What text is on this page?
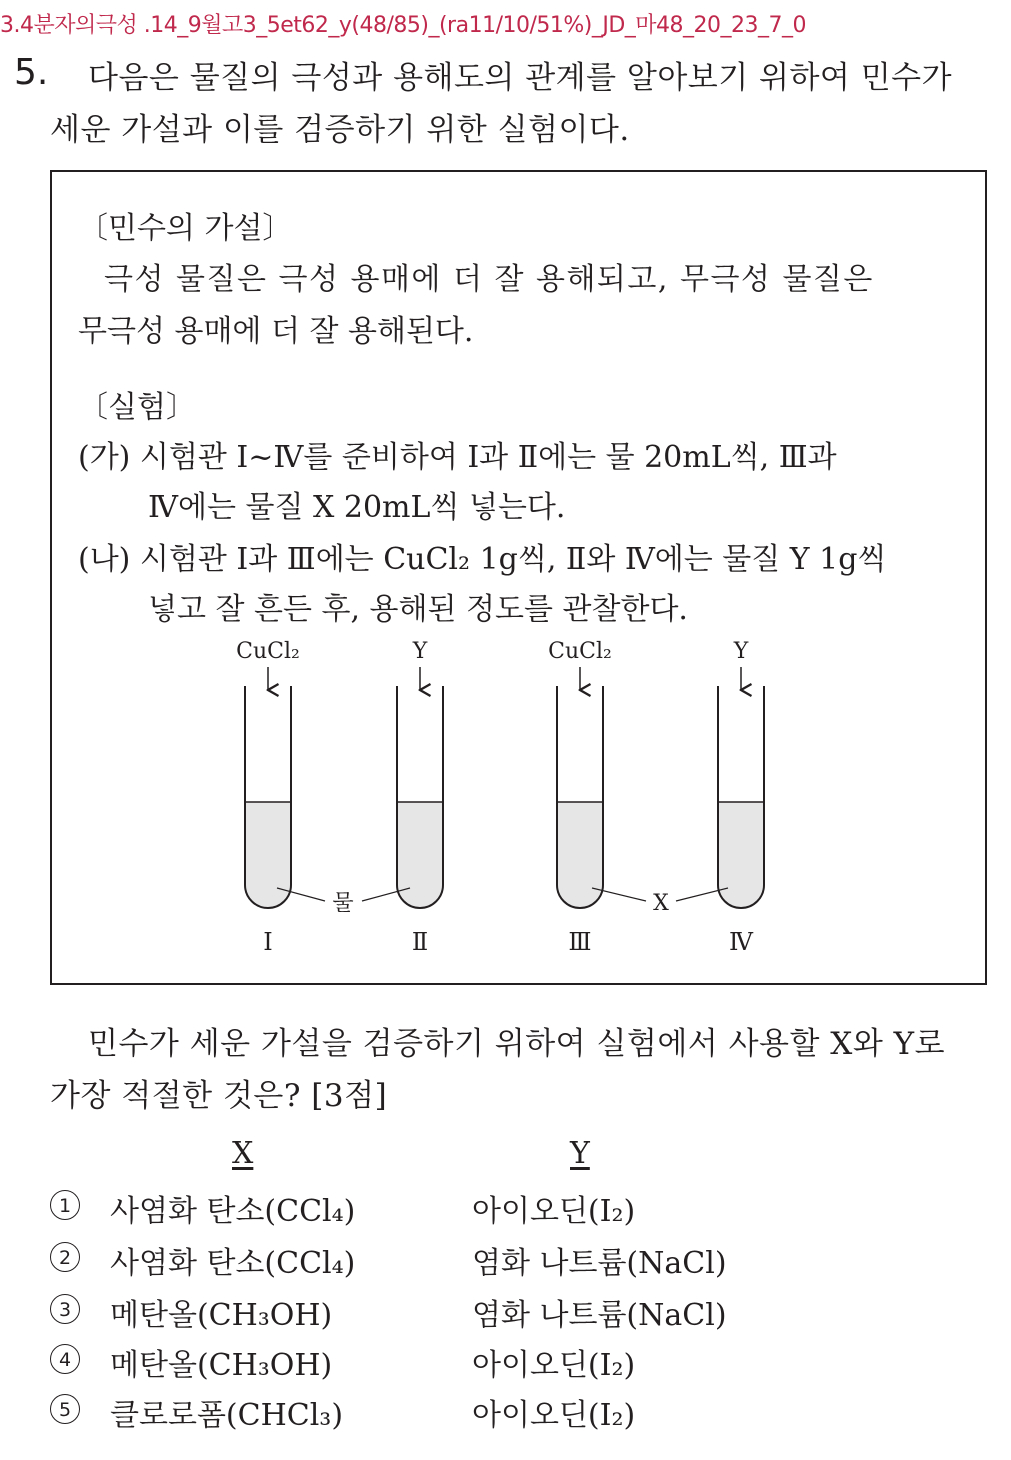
3.4분자의극성 .14_9월고3_5et62_y(48/85)_(ra11/10/51%)_JD_마48_20_23_7_0
5. 다음은 물질의 극성과 용해도의 관계를 알아보기 위하여 민수가
세운 가설과 이를 검증하기 위한 실험이다.
〔민수의 가설〕
극성 물질은 극성 용매에 더 잘 용해되고, 무극성 물질은
무극성 용매에 더 잘 용해된다.
〔실험〕
(가) 시험관 Ⅰ~Ⅳ를 준비하여 Ⅰ과 Ⅱ에는 물 20mL씩, Ⅲ과
Ⅳ에는 물질 X 20mL씩 넣는다.
(나) 시험관 Ⅰ과 Ⅲ에는 CuCl₂ 1g씩, Ⅱ와 Ⅳ에는 물질 Y 1g씩
넣고 잘 흔든 후, 용해된 정도를 관찰한다.
CuCl₂
Ⅰ
Y
Ⅱ
CuCl₂
Ⅲ
Y
Ⅳ
물	X
민수가 세운 가설을 검증하기 위하여 실험에서 사용할 X와 Y로
가장 적절한 것은? [3점]
X	Y
1 사염화 탄소(CCl₄)	아이오딘(I₂)
2 사염화 탄소(CCl₄)	염화 나트륨(NaCl)
3 메탄올(CH₃OH)	염화 나트륨(NaCl)
4 메탄올(CH₃OH)	아이오딘(I₂)
5 클로로폼(CHCl₃)	아이오딘(I₂)
